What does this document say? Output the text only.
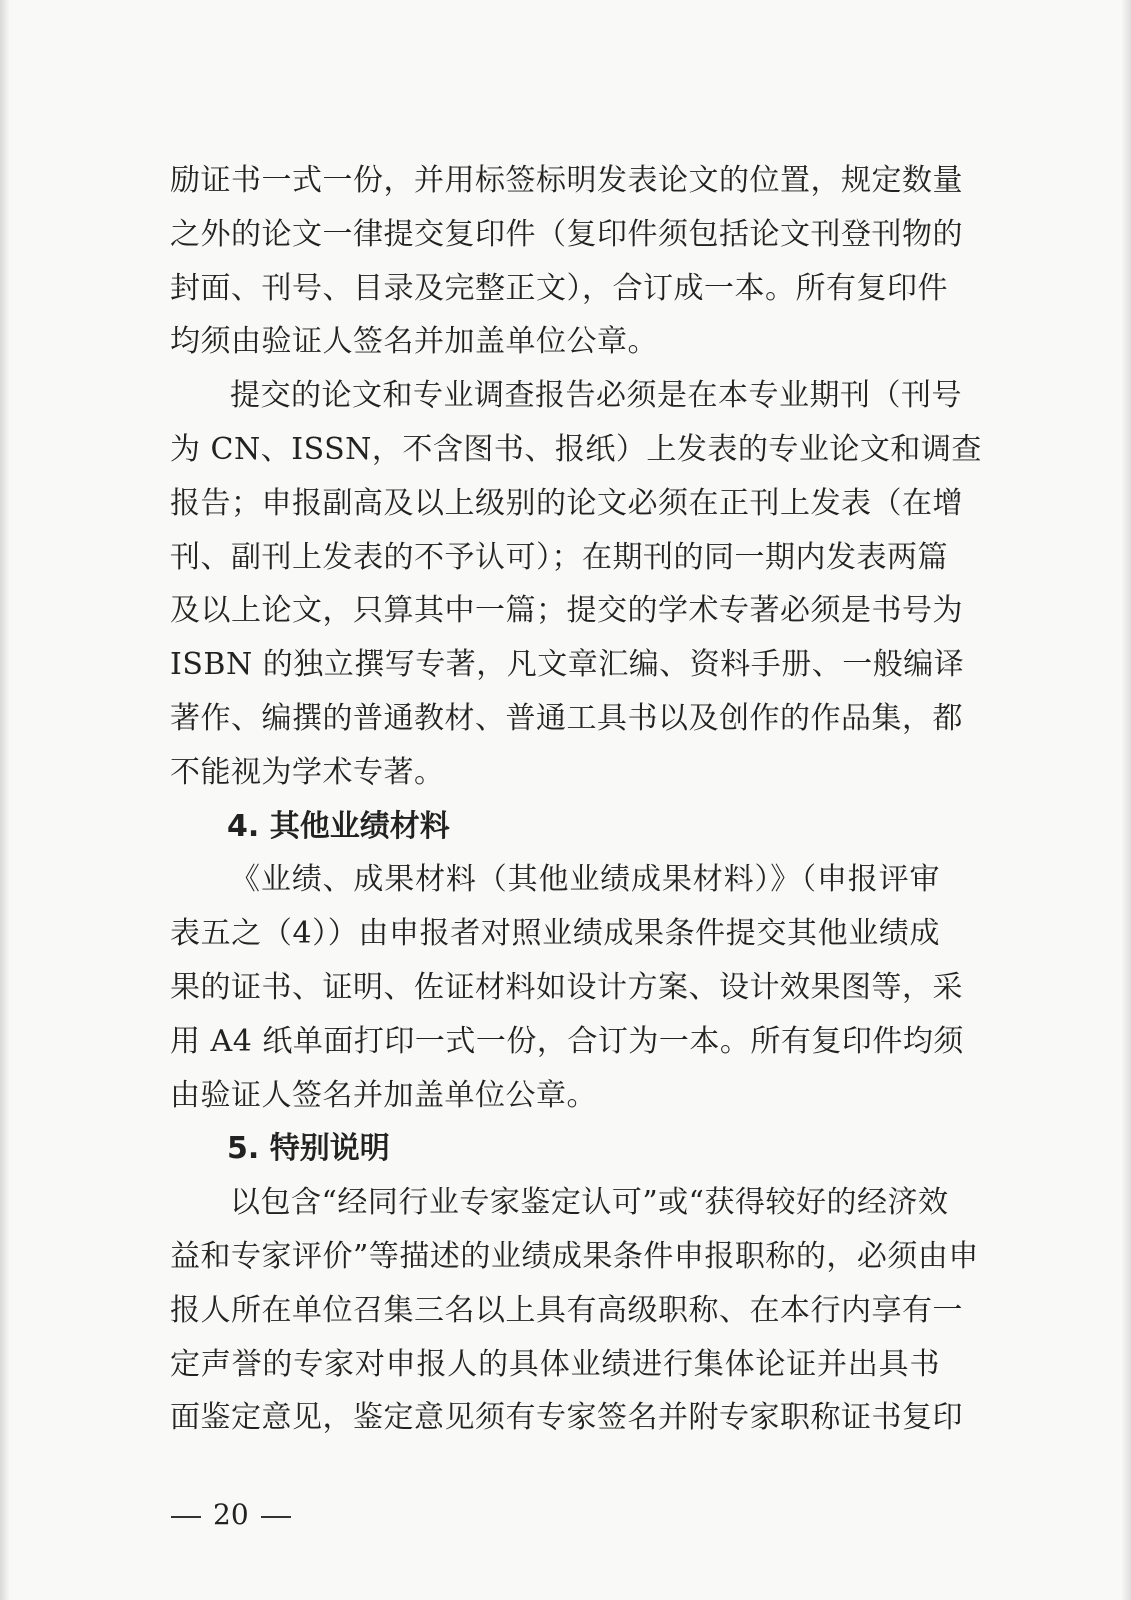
励证书一式一份，并用标签标明发表论文的位置，规定数量
之外的论文一律提交复印件（复印件须包括论文刊登刊物的
封面、刊号、目录及完整正文），合订成一本。所有复印件
均须由验证人签名并加盖单位公章。
提交的论文和专业调查报告必须是在本专业期刊（刊号
为 CN、ISSN，不含图书、报纸）上发表的专业论文和调查
报告；申报副高及以上级别的论文必须在正刊上发表（在增
刊、副刊上发表的不予认可）；在期刊的同一期内发表两篇
及以上论文，只算其中一篇；提交的学术专著必须是书号为
ISBN 的独立撰写专著，凡文章汇编、资料手册、一般编译
著作、编撰的普通教材、普通工具书以及创作的作品集，都
不能视为学术专著。
4. 其他业绩材料
《业绩、成果材料（其他业绩成果材料）》（申报评审
表五之（4））由申报者对照业绩成果条件提交其他业绩成
果的证书、证明、佐证材料如设计方案、设计效果图等，采
用 A4 纸单面打印一式一份，合订为一本。所有复印件均须
由验证人签名并加盖单位公章。
5. 特别说明
以包含“经同行业专家鉴定认可”或“获得较好的经济效
益和专家评价”等描述的业绩成果条件申报职称的，必须由申
报人所在单位召集三名以上具有高级职称、在本行内享有一
定声誉的专家对申报人的具体业绩进行集体论证并出具书
面鉴定意见，鉴定意见须有专家签名并附专家职称证书复印
20
